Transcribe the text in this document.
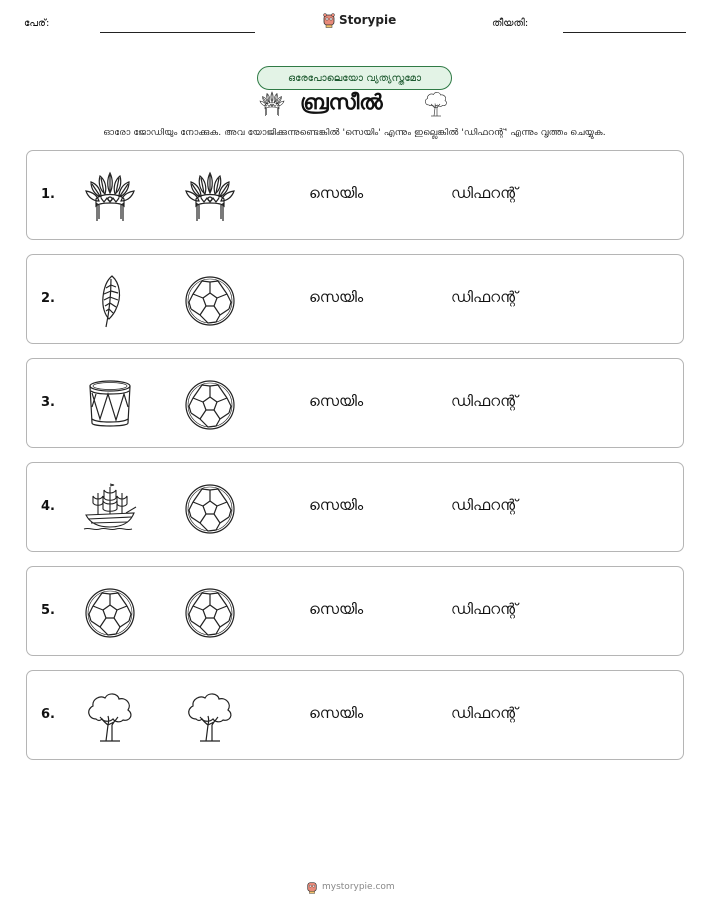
പേര്:	Storypie	തീയതി:
ഒരേപോലെയോ വ്യത്യസ്തമോ
ബ്രസീൽ
ഓരോ ജോഡിയും നോക്കുക. അവ യോജിക്കുന്നുണ്ടെങ്കിൽ 'സെയിം' എന്നും ഇല്ലെങ്കിൽ 'ഡിഫറന്റ്' എന്നും വൃത്തം ചെയ്യുക.
1.	സെയിം	ഡിഫറന്റ്
2.	സെയിം	ഡിഫറന്റ്
3.	സെയിം	ഡിഫറന്റ്
4.	സെയിം	ഡിഫറന്റ്
5.	സെയിം	ഡിഫറന്റ്
6.	സെയിം	ഡിഫറന്റ്
mystorypie.com
